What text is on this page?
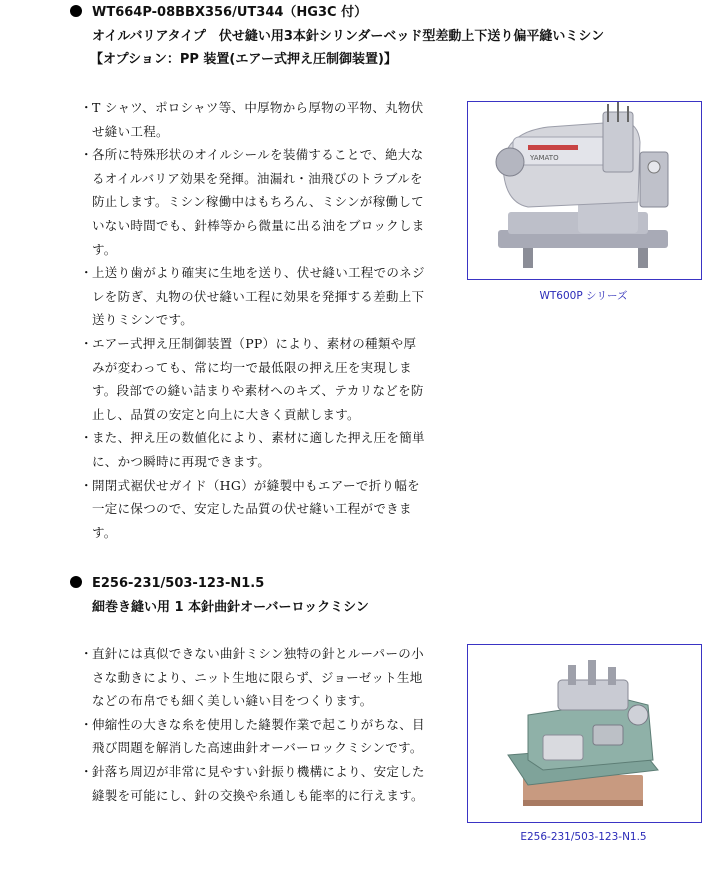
WT664P-08BBX356/UT344（HG3C 付）
オイルバリアタイプ　伏せ縫い用3本針シリンダーベッド型差動上下送り偏平縫いミシン
【オプション：PP 装置(エアー式押え圧制御装置)】
・ T シャツ、ポロシャツ等、中厚物から厚物の平物、丸物伏せ縫い工程。
・ 各所に特殊形状のオイルシールを装備することで、絶大なるオイルバリア効果を発揮。油漏れ・油飛びのトラブルを防止します。ミシン稼働中はもちろん、ミシンが稼働していない時間でも、針棒等から微量に出る油をブロックします。
・ 上送り歯がより確実に生地を送り、伏せ縫い工程でのネジレを防ぎ、丸物の伏せ縫い工程に効果を発揮する差動上下送りミシンです。
・ エアー式押え圧制御装置（PP）により、素材の種類や厚みが変わっても、常に均一で最低限の押え圧を実現します。段部での縫い詰まりや素材へのキズ、テカリなどを防止し、品質の安定と向上に大きく貢献します。
・ また、押え圧の数値化により、素材に適した押え圧を簡単に、かつ瞬時に再現できます。
・ 開閉式裾伏せガイド（HG）が縫製中もエアーで折り幅を一定に保つので、安定した品質の伏せ縫い工程ができます。
YAMATO
WT600P シリーズ
E256-231/503-123-N1.5
細巻き縫い用 1 本針曲針オーバーロックミシン
・ 直針には真似できない曲針ミシン独特の針とルーパーの小さな動きにより、ニット生地に限らず、ジョーゼット生地などの布帛でも細く美しい縫い目をつくります。
・ 伸縮性の大きな糸を使用した縫製作業で起こりがちな、目飛び問題を解消した高速曲針オーバーロックミシンです。
・ 針落ち周辺が非常に見やすい針振り機構により、安定した縫製を可能にし、針の交換や糸通しも能率的に行えます。
E256-231/503-123-N1.5
